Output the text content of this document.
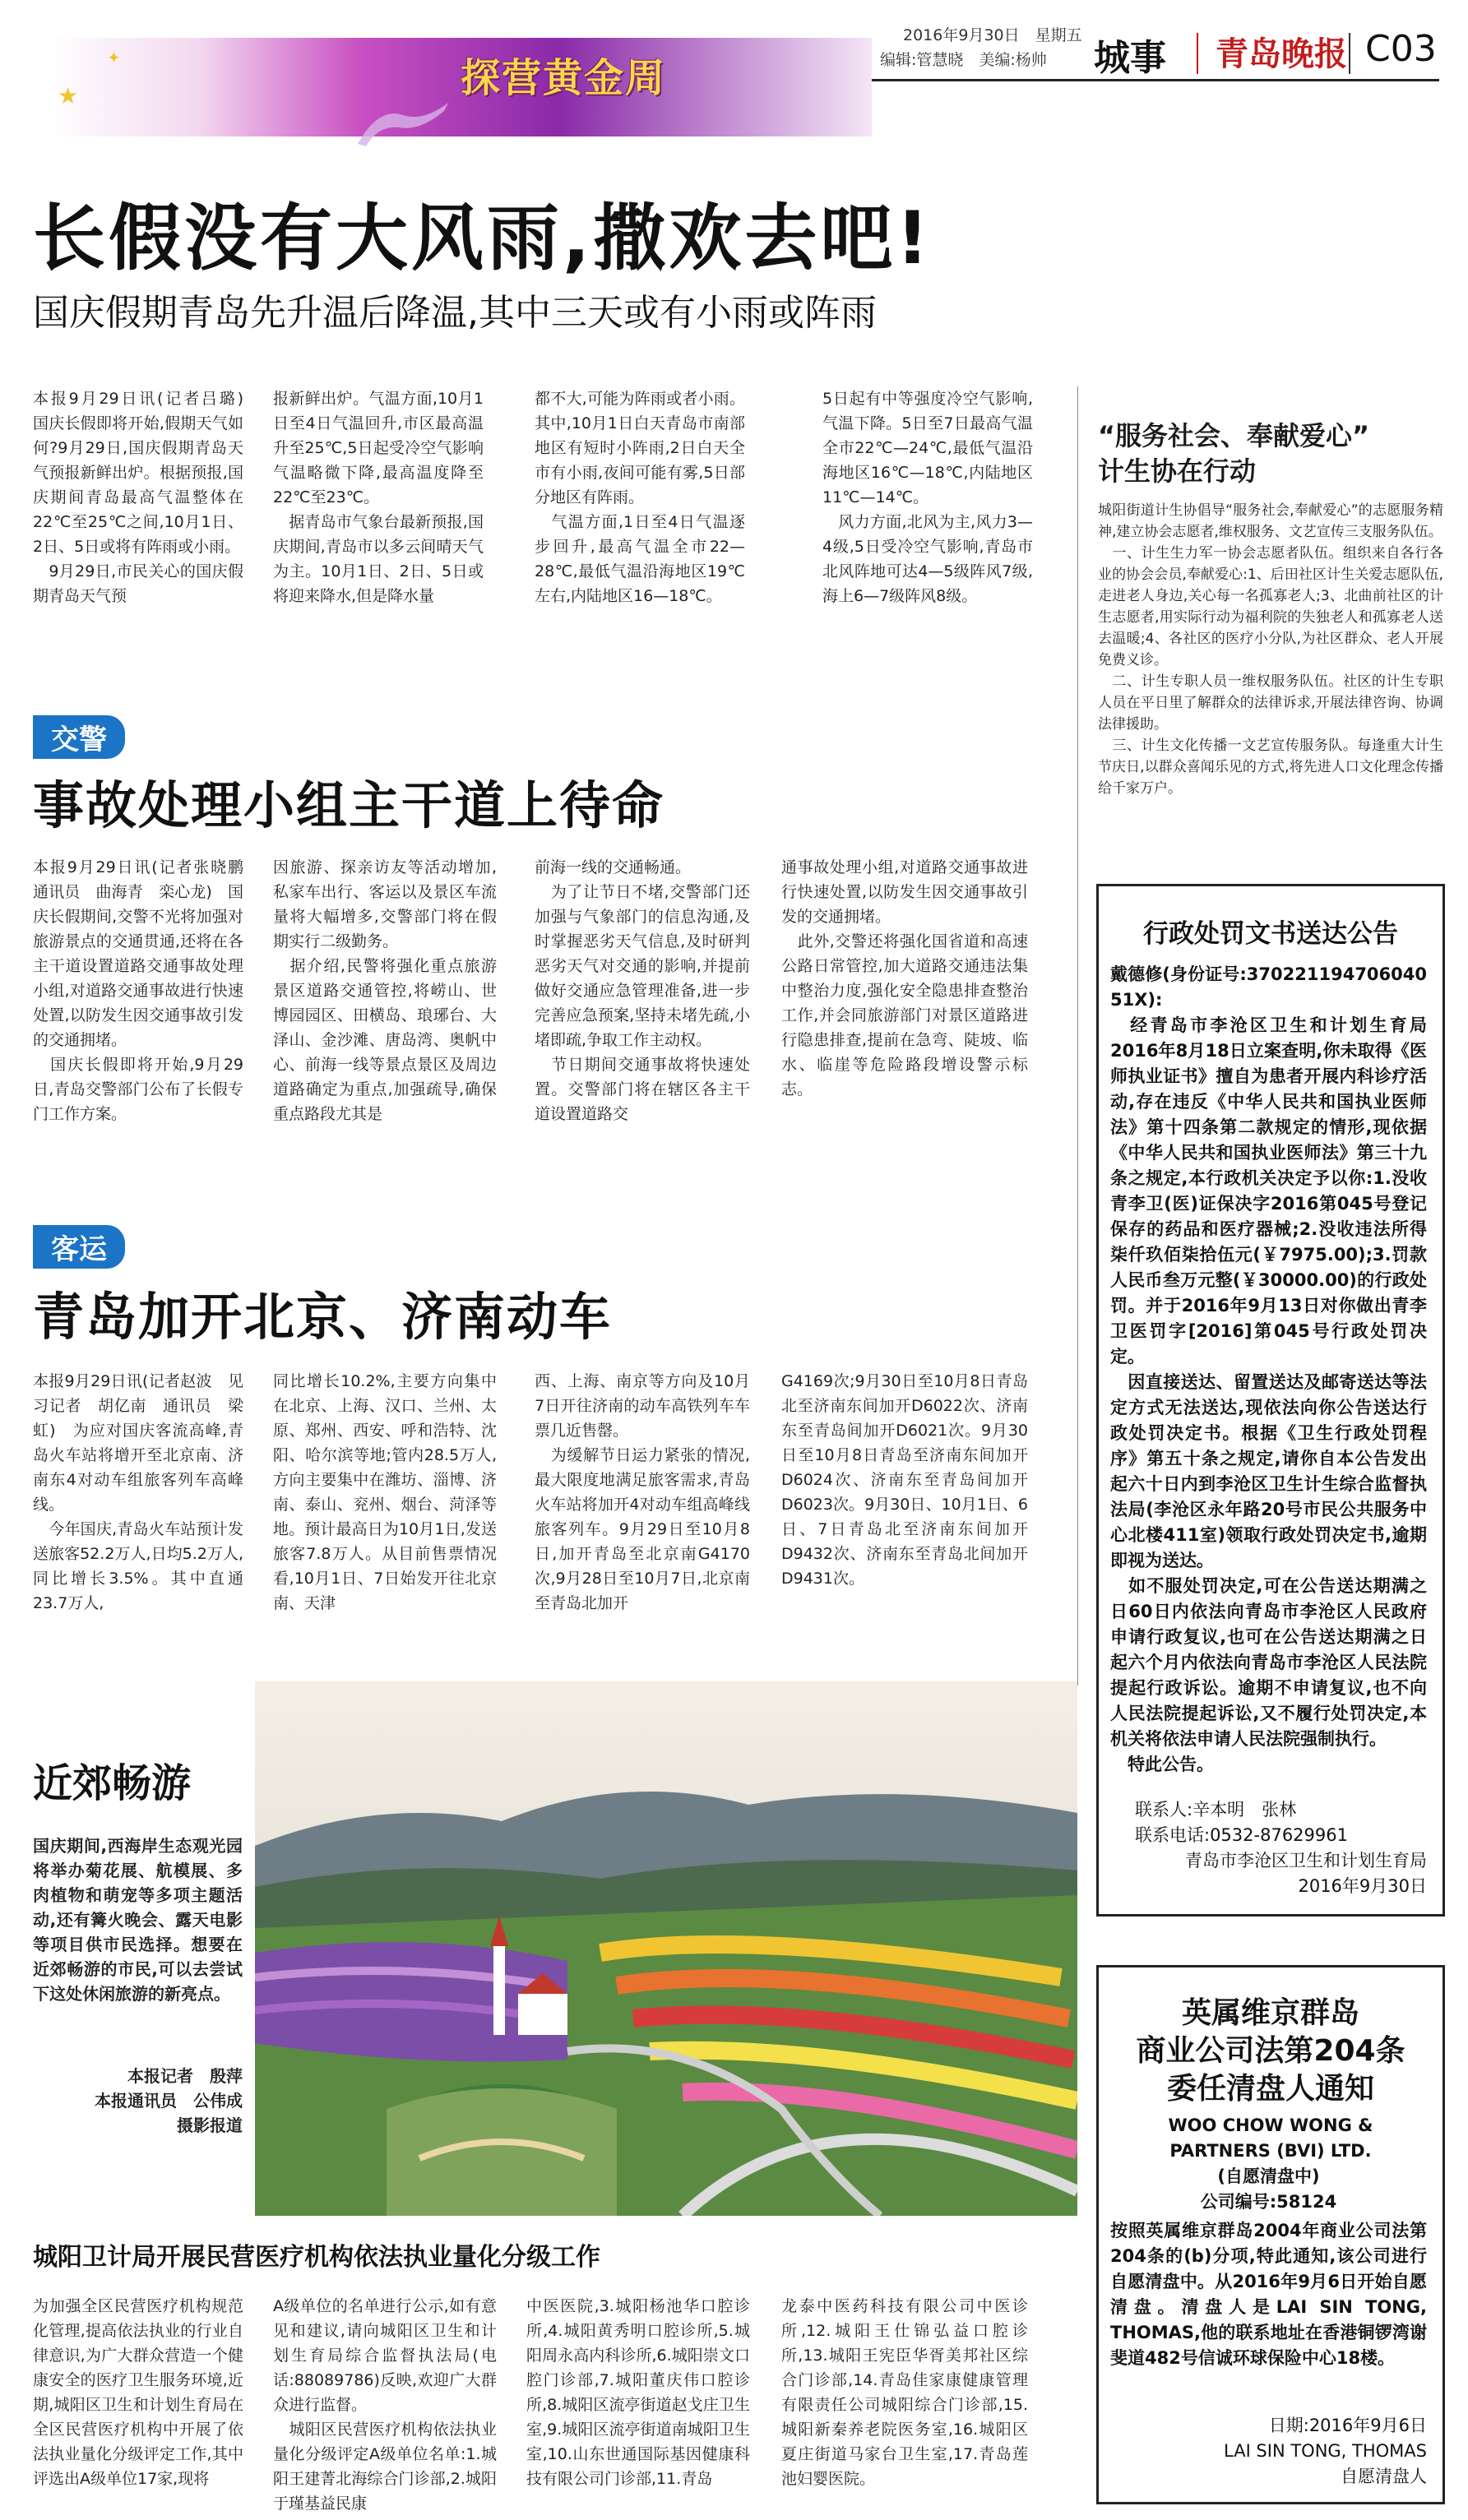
★
✦	探营黄金周
2016年9月30日　星期五
编辑:管慧晓　美编:杨帅 城事 青岛晚报 C03
长假没有大风雨,撒欢去吧!
国庆假期青岛先升温后降温,其中三天或有小雨或阵雨
本报9月29日讯(记者吕璐)　国庆长假即将开始,假期天气如何?9月29日,国庆假期青岛天气预报新鲜出炉。根据预报,国庆期间青岛最高气温整体在22℃至25℃之间,10月1日、2日、5日或将有阵雨或小雨。
　9月29日,市民关心的国庆假期青岛天气预
报新鲜出炉。气温方面,10月1日至4日气温回升,市区最高温升至25℃,5日起受冷空气影响气温略微下降,最高温度降至22℃至23℃。
　据青岛市气象台最新预报,国庆期间,青岛市以多云间晴天气为主。10月1日、2日、5日或将迎来降水,但是降水量
都不大,可能为阵雨或者小雨。其中,10月1日白天青岛市南部地区有短时小阵雨,2日白天全市有小雨,夜间可能有雾,5日部分地区有阵雨。
　气温方面,1日至4日气温逐步回升,最高气温全市22—28℃,最低气温沿海地区19℃左右,内陆地区16—18℃。
5日起有中等强度冷空气影响,气温下降。5日至7日最高气温全市22℃—24℃,最低气温沿海地区16℃—18℃,内陆地区11℃—14℃。
　风力方面,北风为主,风力3—4级,5日受冷空气影响,青岛市北风阵地可达4—5级阵风7级,海上6—7级阵风8级。
交警
事故处理小组主干道上待命
本报9月29日讯(记者张晓鹏　通讯员　曲海青　栾心龙)　国庆长假期间,交警不光将加强对旅游景点的交通贯通,还将在各主干道设置道路交通事故处理小组,对道路交通事故进行快速处置,以防发生因交通事故引发的交通拥堵。
　国庆长假即将开始,9月29日,青岛交警部门公布了长假专门工作方案。
因旅游、探亲访友等活动增加,私家车出行、客运以及景区车流量将大幅增多,交警部门将在假期实行二级勤务。
　据介绍,民警将强化重点旅游景区道路交通管控,将崂山、世博园园区、田横岛、琅琊台、大泽山、金沙滩、唐岛湾、奥帆中心、前海一线等景点景区及周边道路确定为重点,加强疏导,确保重点路段尤其是
前海一线的交通畅通。
　为了让节日不堵,交警部门还加强与气象部门的信息沟通,及时掌握恶劣天气信息,及时研判恶劣天气对交通的影响,并提前做好交通应急管理准备,进一步完善应急预案,坚持未堵先疏,小堵即疏,争取工作主动权。
　节日期间交通事故将快速处置。交警部门将在辖区各主干道设置道路交
通事故处理小组,对道路交通事故进行快速处置,以防发生因交通事故引发的交通拥堵。
　此外,交警还将强化国省道和高速公路日常管控,加大道路交通违法集中整治力度,强化安全隐患排查整治工作,并会同旅游部门对景区道路进行隐患排查,提前在急弯、陡坡、临水、临崖等危险路段增设警示标志。
客运
青岛加开北京、济南动车
本报9月29日讯(记者赵波　见习记者　胡亿南　通讯员　梁虹)　为应对国庆客流高峰,青岛火车站将增开至北京南、济南东4对动车组旅客列车高峰线。
　今年国庆,青岛火车站预计发送旅客52.2万人,日均5.2万人,同比增长3.5%。其中直通23.7万人,
同比增长10.2%,主要方向集中在北京、上海、汉口、兰州、太原、郑州、西安、呼和浩特、沈阳、哈尔滨等地;管内28.5万人,方向主要集中在潍坊、淄博、济南、泰山、兖州、烟台、菏泽等地。预计最高日为10月1日,发送旅客7.8万人。从目前售票情况看,10月1日、7日始发开往北京南、天津
西、上海、南京等方向及10月7日开往济南的动车高铁列车车票几近售罄。
　为缓解节日运力紧张的情况,最大限度地满足旅客需求,青岛火车站将加开4对动车组高峰线旅客列车。9月29日至10月8日,加开青岛至北京南G4170次,9月28日至10月7日,北京南至青岛北加开
G4169次;9月30日至10月8日青岛北至济南东间加开D6022次、济南东至青岛间加开D6021次。9月30日至10月8日青岛至济南东间加开D6024次、济南东至青岛间加开D6023次。9月30日、10月1日、6日、7日青岛北至济南东间加开D9432次、济南东至青岛北间加开D9431次。
近郊畅游
国庆期间,西海岸生态观光园将举办菊花展、航模展、多肉植物和萌宠等多项主题活动,还有篝火晚会、露天电影等项目供市民选择。想要在近郊畅游的市民,可以去尝试下这处休闲旅游的新亮点。
本报记者　殷萍
本报通讯员　公伟成
摄影报道
城阳卫计局开展民营医疗机构依法执业量化分级工作
为加强全区民营医疗机构规范化管理,提高依法执业的行业自律意识,为广大群众营造一个健康安全的医疗卫生服务环境,近期,城阳区卫生和计划生育局在全区民营医疗机构中开展了依法执业量化分级评定工作,其中评选出A级单位17家,现将
A级单位的名单进行公示,如有意见和建议,请向城阳区卫生和计划生育局综合监督执法局(电话:88089786)反映,欢迎广大群众进行监督。
　城阳区民营医疗机构依法执业量化分级评定A级单位名单:1.城阳王建菁北海综合门诊部,2.城阳于瑾基益民康
中医医院,3.城阳杨池华口腔诊所,4.城阳黄秀明口腔诊所,5.城阳周永高内科诊所,6.城阳崇文口腔门诊部,7.城阳董庆伟口腔诊所,8.城阳区流亭街道赵戈庄卫生室,9.城阳区流亭街道南城阳卫生室,10.山东世通国际基因健康科技有限公司门诊部,11.青岛
龙泰中医药科技有限公司中医诊所,12.城阳王仕锦弘益口腔诊所,13.城阳王宪臣华胥美邦社区综合门诊部,14.青岛佳家康健康管理有限责任公司城阳综合门诊部,15.城阳新秦养老院医务室,16.城阳区夏庄街道马家台卫生室,17.青岛莲池妇婴医院。
“服务社会、奉献爱心”
计生协在行动
城阳街道计生协倡导“服务社会,奉献爱心”的志愿服务精神,建立协会志愿者,维权服务、文艺宣传三支服务队伍。
　一、计生生力军一协会志愿者队伍。组织来自各行各业的协会会员,奉献爱心:1、后田社区计生关爱志愿队伍,走进老人身边,关心每一名孤寡老人;3、北曲前社区的计生志愿者,用实际行动为福利院的失独老人和孤寡老人送去温暖;4、各社区的医疗小分队,为社区群众、老人开展免费义诊。
　二、计生专职人员一维权服务队伍。社区的计生专职人员在平日里了解群众的法律诉求,开展法律咨询、协调法律援助。
　三、计生文化传播一文艺宣传服务队。每逢重大计生节庆日,以群众喜闻乐见的方式,将先进人口文化理念传播给千家万户。
行政处罚文书送达公告
戴德修(身份证号:370221194706040​51X):
　经青岛市李沧区卫生和计划生育局2016年8月18日立案查明,你未取得《医师执业证书》擅自为患者开展内科诊疗活动,存在违反《中华人民共和国执业医师法》第十四条第二款规定的情形,现依据《中华人民共和国执业医师法》第三十九条之规定,本行政机关决定予以你:1.没收青李卫(医)证保决字2016第045号登记保存的药品和医疗器械;2.没收违法所得柒仟玖佰柒拾伍元(￥7975.00);3.罚款人民币叁万元整(￥30000.00)的行政处罚。并于2016年9月13日对你做出青李卫医罚字[2016]第045号行政处罚决定。
　因直接送达、留置送达及邮寄送达等法定方式无法送达,现依法向你公告送达行政处罚决定书。根据《卫生行政处罚程序》第五十条之规定,请你自本公告发出起六十日内到李沧区卫生计生综合监督执法局(李沧区永年路20号市民公共服务中心北楼411室)领取行政处罚决定书,逾期即视为送达。
　如不服处罚决定,可在公告送达期满之日60日内依法向青岛市李沧区人民政府申请行政复议,也可在公告送达期满之日起六个月内依法向青岛市李沧区人民法院提起行政诉讼。逾期不申请复议,也不向人民法院提起诉讼,又不履行处罚决定,本机关将依法申请人民法院强制执行。
　特此公告。
联系人:辛本明　张林
联系电话:0532-87629961
青岛市李沧区卫生和计划生育局
2016年9月30日
英属维京群岛
商业公司法第204条
委任清盘人通知
WOO CHOW WONG & PARTNERS (BVI) LTD.
(自愿清盘中)
公司编号:58124
按照英属维京群岛2004年商业公司法第204条的(b)分项,特此通知,该公司进行自愿清盘中。从2016年9月6日开始自愿清盘。清盘人是LAI SIN TONG, THOMAS,他的联系地址在香港铜锣湾谢斐道482号信诚环球保险中心18楼。
日期:2016年9月6日
LAI SIN TONG, THOMAS
自愿清盘人
